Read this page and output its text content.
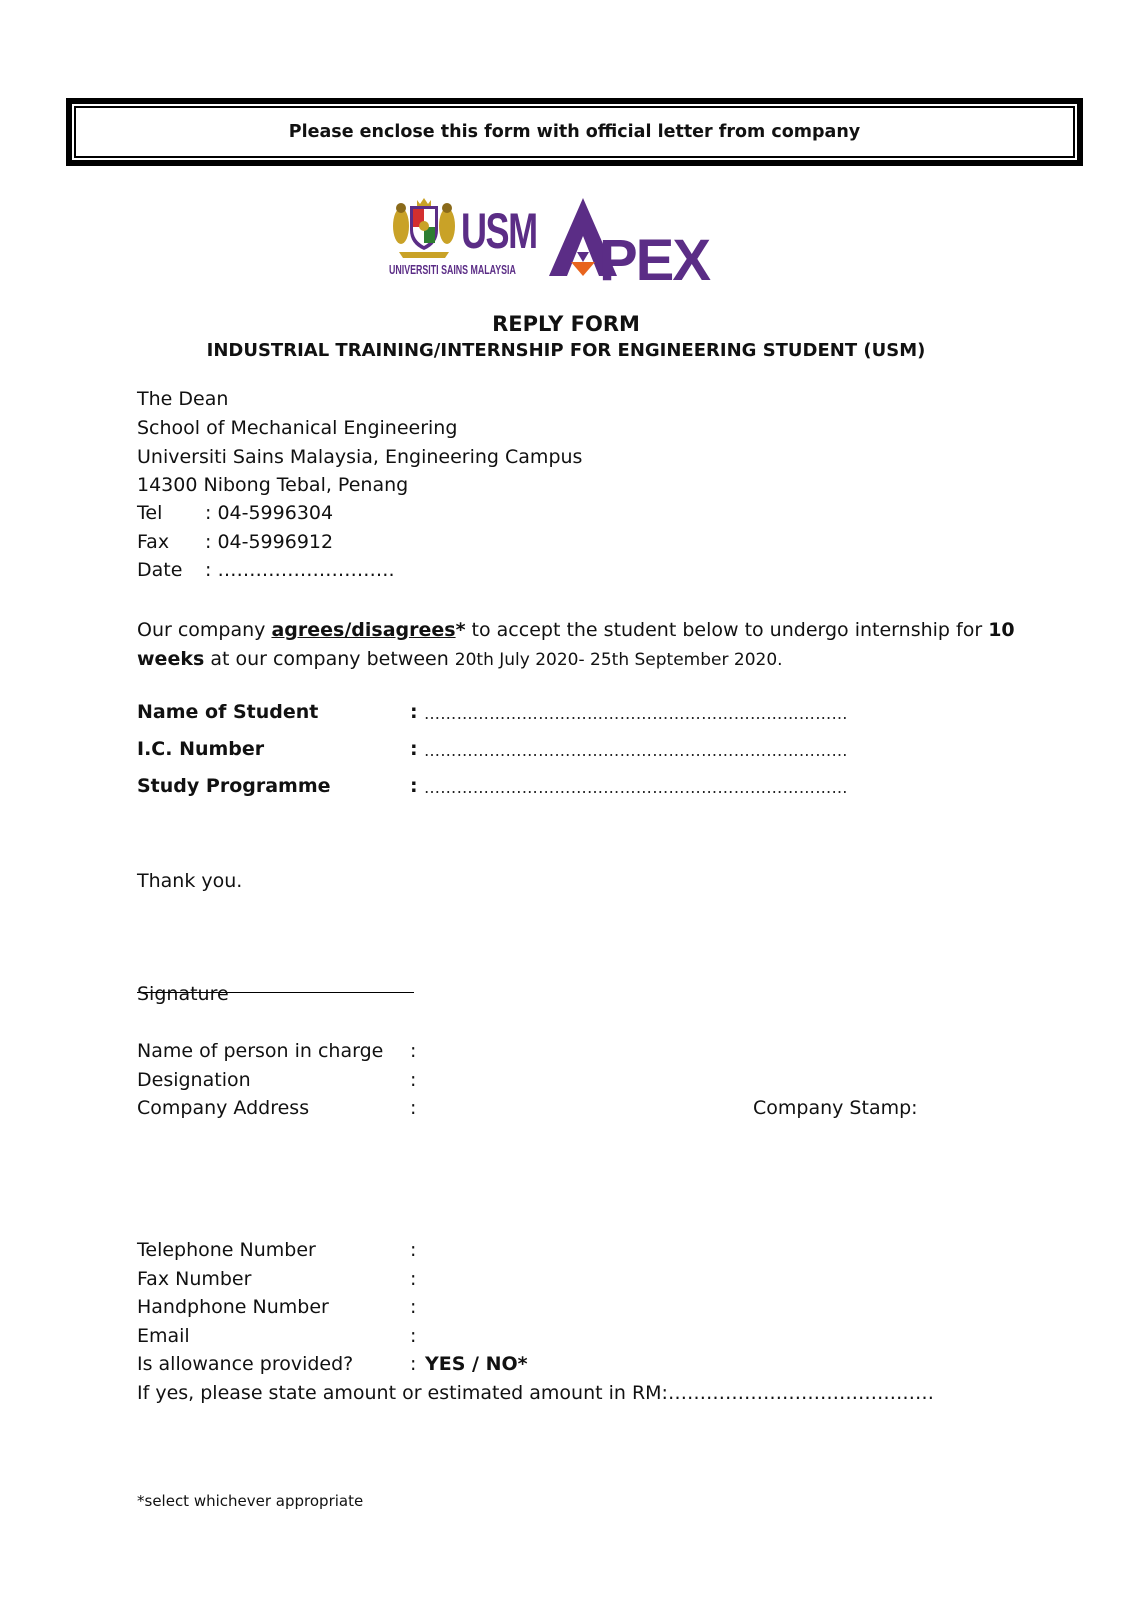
Please enclose this form with official letter from company
USM
UNIVERSITI SAINS MALAYSIA PEX
REPLY FORM
INDUSTRIAL TRAINING/INTERNSHIP FOR ENGINEERING STUDENT (USM)
The Dean
School of Mechanical Engineering
Universiti Sains Malaysia, Engineering Campus
14300 Nibong Tebal, Penang
Tel : 04-5996304
Fax : 04-5996912
Date : ……………………….
Our company agrees/disagrees* to accept the student below to undergo internship for 10
weeks at our company between 20th July 2020- 25th September 2020.
Name of Student	: ……………………………………………………………………
I.C. Number	: ……………………………………………………………………
Study Programme	: ……………………………………………………………………
Thank you.
Signature
Name of person in charge :
Designation	:
Company Address	:	Company Stamp:
Telephone Number	:
Fax Number	:
Handphone Number	:
Email	:
Is allowance provided?	: YES / NO*
If yes, please state amount or estimated amount in RM:……………………………………
*select whichever appropriate
